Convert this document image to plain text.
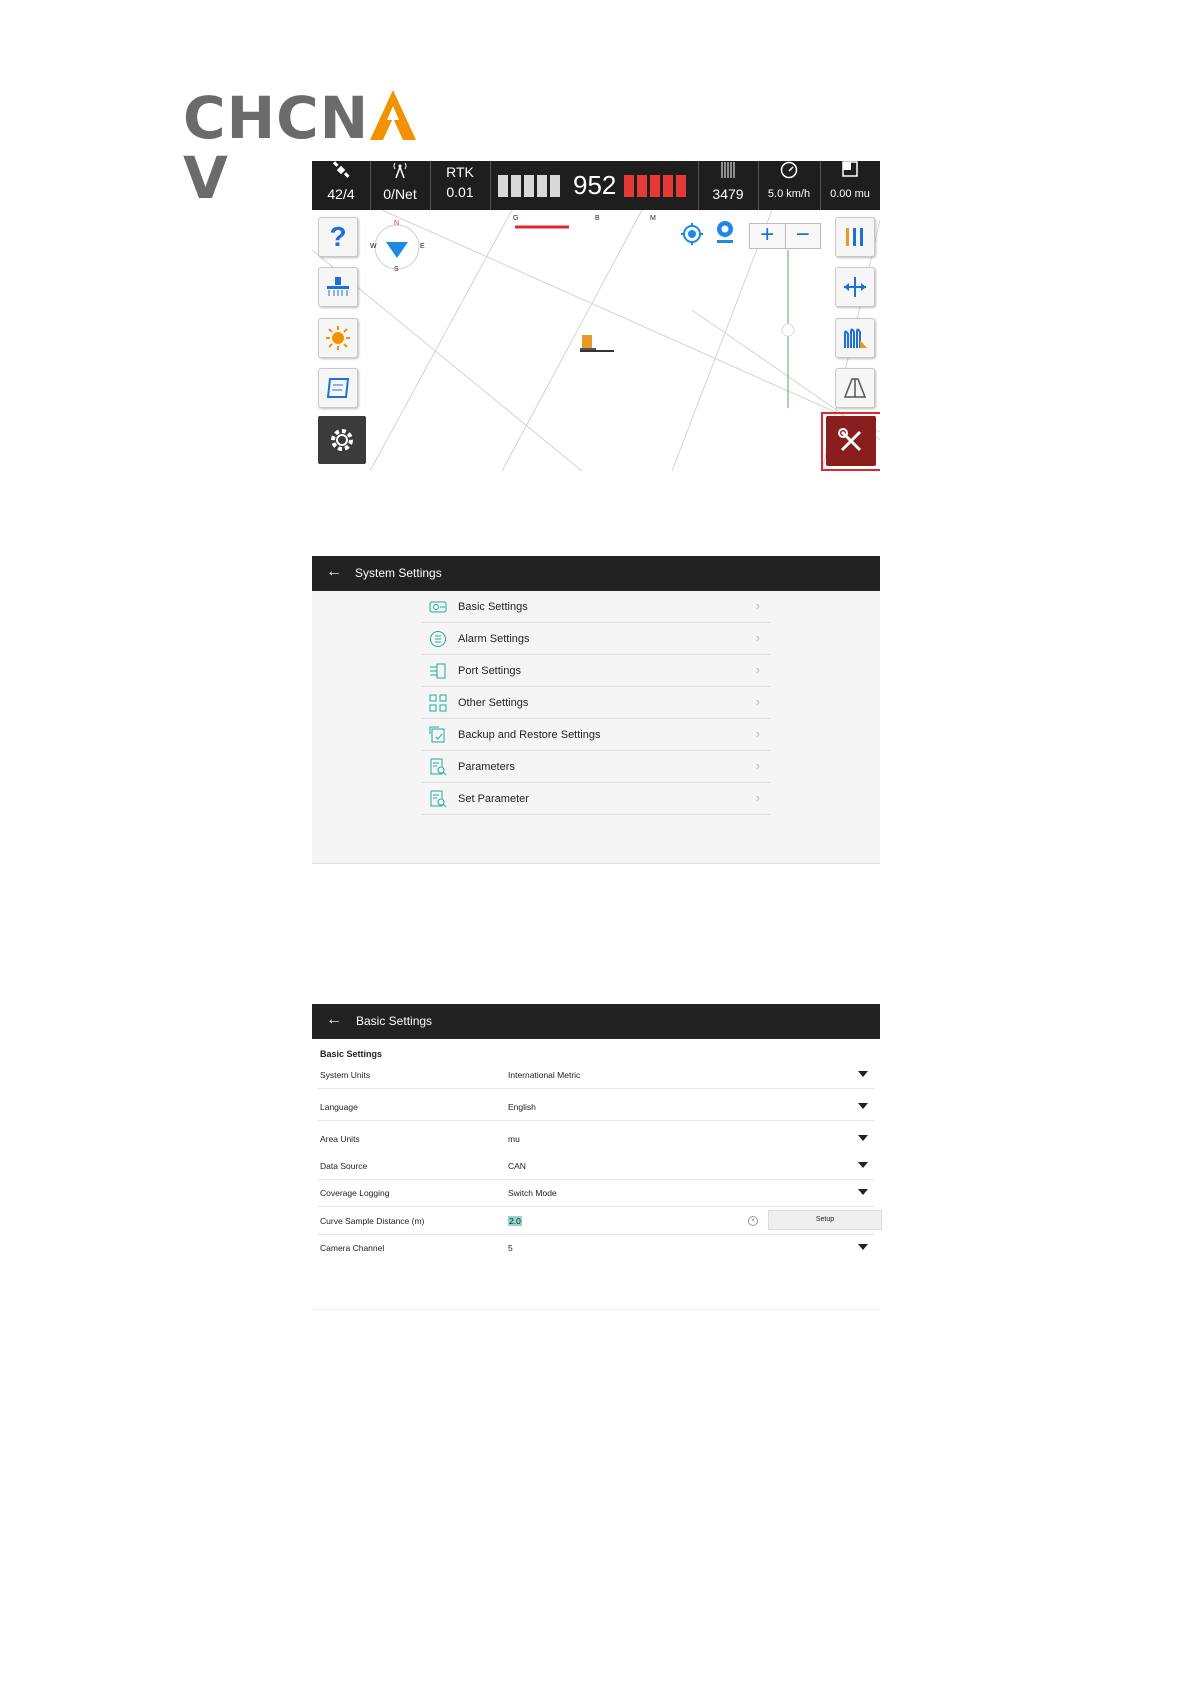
CHCNV	42/4	0/Net
RTK
0.01	952	3479	5.0 km/h	0.00 mu
G	B	M
N
S
W	E	+ −
?
← System Settings
Basic Settings	›
Alarm Settings	›
Port Settings	›
Other Settings	›
Backup and Restore Settings	›
Parameters	›
Set Parameter	›
← Basic Settings
Basic Settings
System Units	International Metric
Language	English
Area Units	mu
Data Source	CAN
Coverage Logging	Switch Mode
Curve Sample Distance (m)	2.0	×	Setup
Camera Channel	5
